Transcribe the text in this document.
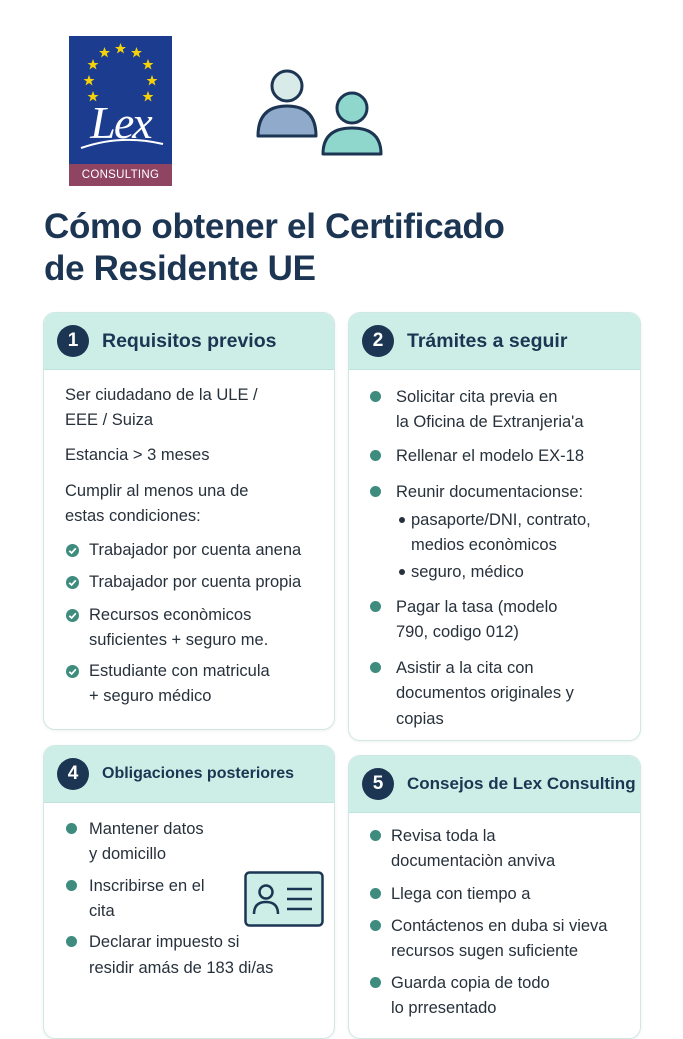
Lex
CONSULTING
Cómo obtener el Certificado
de Residente UE
1	Requisitos previos
Ser ciudadano de la ULE /
EEE / Suiza
Estancia > 3 meses
Cumplir al menos una de
estas condiciones:
Trabajador por cuenta anena
Trabajador por cuenta propia
Recursos econòmicos
suficientes + seguro me.
Estudiante con matricula
+ seguro médico
2	Trámites a seguir
Solicitar cita previa en
la Oficina de Extranjeria'a
Rellenar el modelo EX-18
Reunir documentacionse:
pasaporte/DNI, contrato,
medios econòmicos
seguro, médico
Pagar la tasa (modelo
790, codigo 012)
Asistir a la cita con
documentos originales y
copias
4	Obligaciones posteriores
Mantener datos
y domicillo
Inscribirse en el
cita
Declarar impuesto si
residir amás de 183 di/as
5	Consejos de Lex Consulting
Revisa toda la
documentaciòn anviva
Llega con tiempo a
Contáctenos en duba si vieva
recursos sugen suficiente
Guarda copia de todo
lo prresentado
